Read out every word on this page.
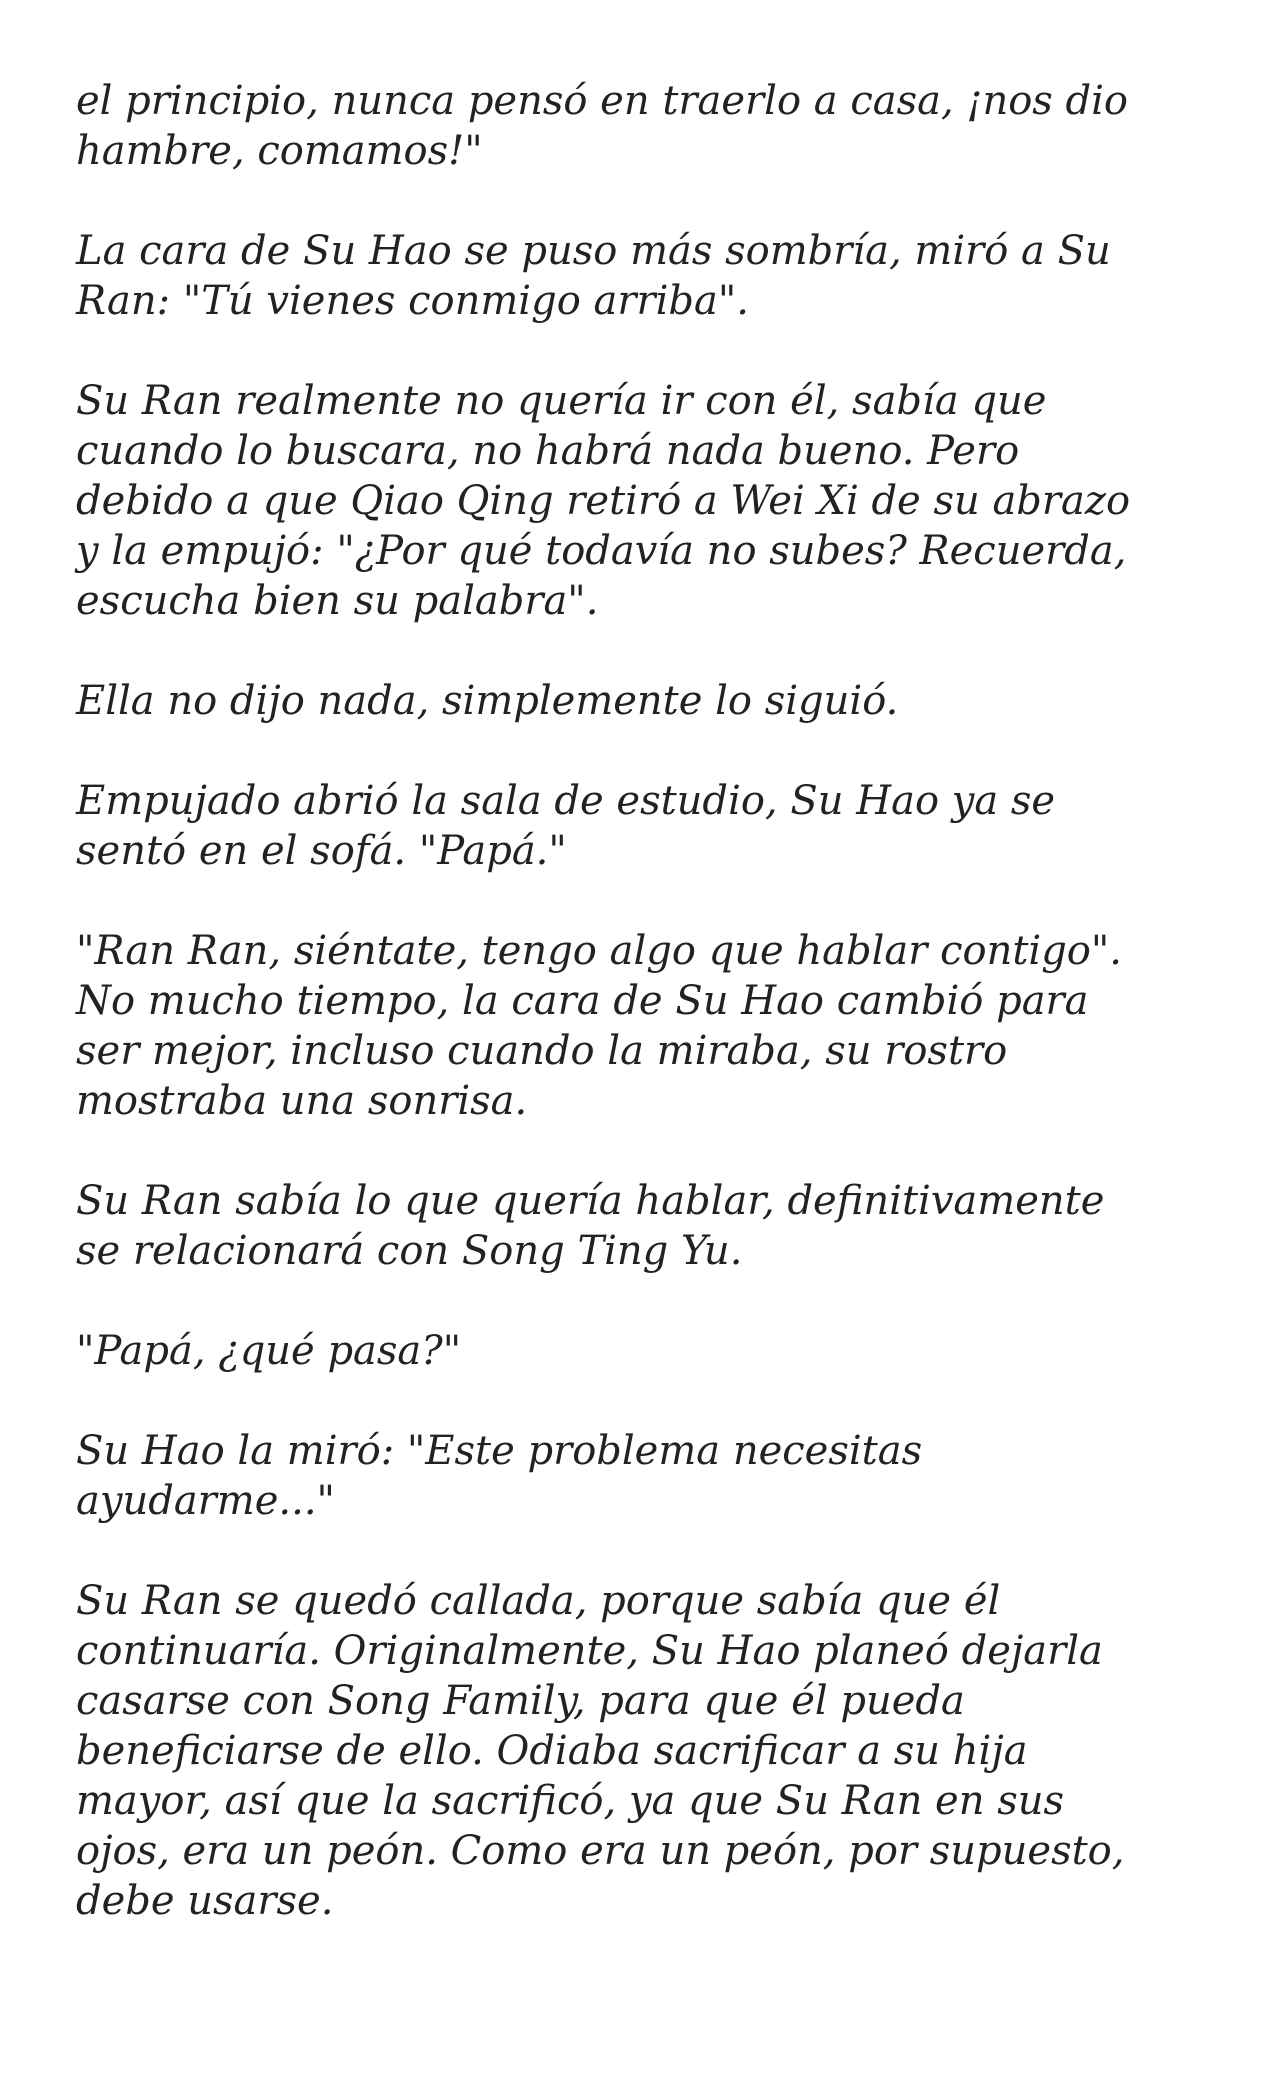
el principio, nunca pensó en traerlo a casa, ¡nos dio
hambre, comamos!"

La cara de Su Hao se puso más sombría, miró a Su
Ran: "Tú vienes conmigo arriba".

Su Ran realmente no quería ir con él, sabía que
cuando lo buscara, no habrá nada bueno. Pero
debido a que Qiao Qing retiró a Wei Xi de su abrazo
y la empujó: "¿Por qué todavía no subes? Recuerda,
escucha bien su palabra".

Ella no dijo nada, simplemente lo siguió.

Empujado abrió la sala de estudio, Su Hao ya se
sentó en el sofá. "Papá."

"Ran Ran, siéntate, tengo algo que hablar contigo".
No mucho tiempo, la cara de Su Hao cambió para
ser mejor, incluso cuando la miraba, su rostro
mostraba una sonrisa.

Su Ran sabía lo que quería hablar, definitivamente
se relacionará con Song Ting Yu.

"Papá, ¿qué pasa?"

Su Hao la miró: "Este problema necesitas
ayudarme..."

Su Ran se quedó callada, porque sabía que él
continuaría. Originalmente, Su Hao planeó dejarla
casarse con Song Family, para que él pueda
beneficiarse de ello. Odiaba sacrificar a su hija
mayor, así que la sacrificó, ya que Su Ran en sus
ojos, era un peón. Como era un peón, por supuesto,
debe usarse.
